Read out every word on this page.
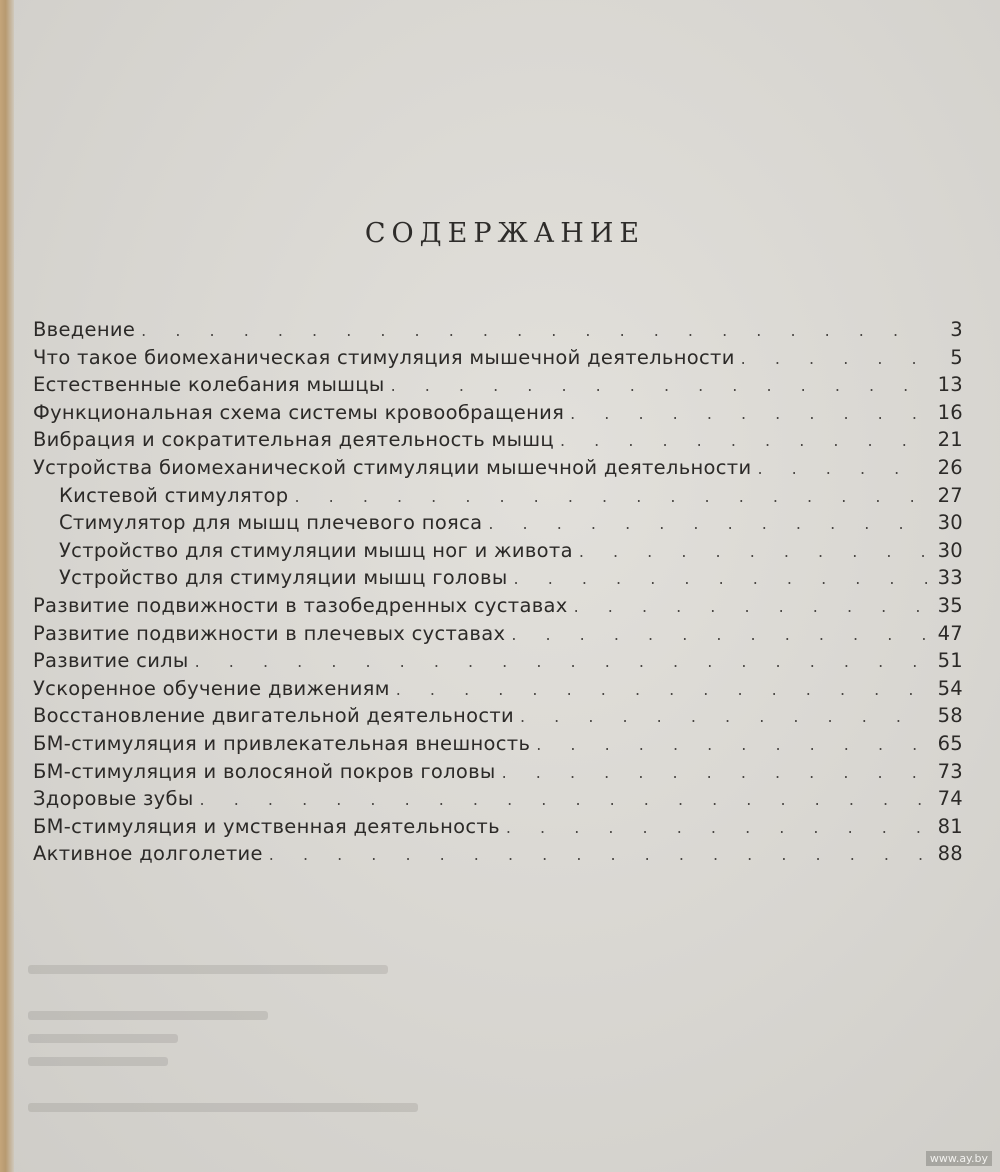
СОДЕРЖАНИЕ
Введение . . .	3
Что такое биомеханическая стимуляция мышечной деятельности . . .	5
Естественные колебания мышцы . . .	13
Функциональная схема системы кровообращения . . .	16
Вибрация и сократительная деятельность мышц . . .	21
Устройства биомеханической стимуляции мышечной деятельности . . .	26
Кистевой стимулятор . . .	27
Стимулятор для мышц плечевого пояса . . .	30
Устройство для стимуляции мышц ног и живота . . .	30
Устройство для стимуляции мышц головы . . .	33
Развитие подвижности в тазобедренных суставах . . .	35
Развитие подвижности в плечевых суставах . . .	47
Развитие силы . . .	51
Ускоренное обучение движениям . . .	54
Восстановление двигательной деятельности . . .	58
БМ-стимуляция и привлекательная внешность . . .	65
БМ-стимуляция и волосяной покров головы . . .	73
Здоровые зубы . . .	74
БМ-стимуляция и умственная деятельность . . .	81
Активное долголетие . . .	88
www.ay.by
